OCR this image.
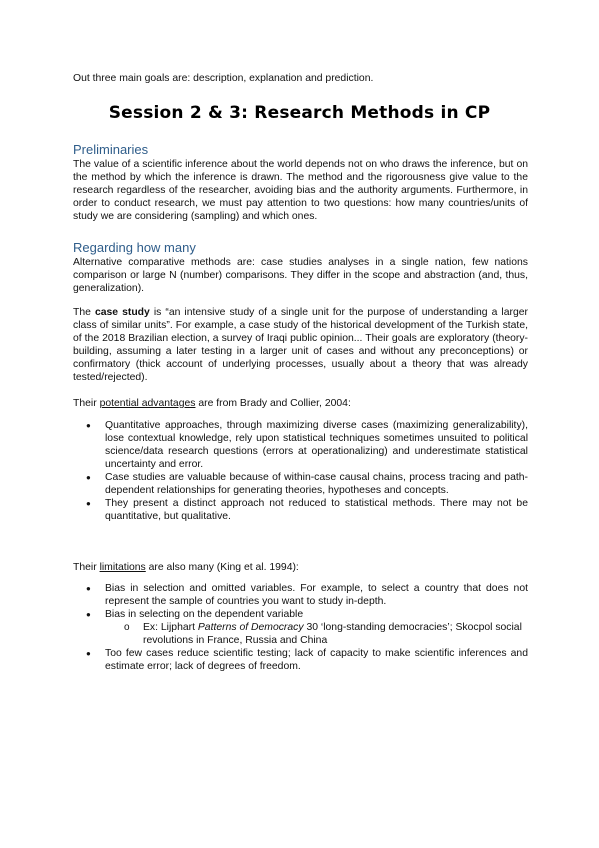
Out three main goals are: description, explanation and prediction.

Session 2 & 3: Research Methods in CP
Preliminaries

The value of a scientific inference about the world depends not on who draws the inference, but on the method by which the inference is drawn. The method and the rigorousness give value to the research regardless of the researcher, avoiding bias and the authority arguments. Furthermore, in order to conduct research, we must pay attention to two questions: how many countries/units of study we are considering (sampling) and which ones.

Regarding how many

Alternative comparative methods are: case studies analyses in a single nation, few nations comparison or large N (number) comparisons. They differ in the scope and abstraction (and, thus, generalization).

The case study is “an intensive study of a single unit for the purpose of understanding a larger class of similar units”. For example, a case study of the historical development of the Turkish state, of the 2018 Brazilian election, a survey of Iraqi public opinion... Their goals are exploratory (theory-building, assuming a later testing in a larger unit of cases and without any preconceptions) or confirmatory (thick account of underlying processes, usually about a theory that was already tested/rejected).

Their potential advantages are from Brady and Collier, 2004:

● Quantitative approaches, through maximizing diverse cases (maximizing generalizability), lose contextual knowledge, rely upon statistical techniques sometimes unsuited to political science/data research questions (errors at operationalizing) and underestimate statistical uncertainty and error.
● Case studies are valuable because of within-case causal chains, process tracing and path-dependent relationships for generating theories, hypotheses and concepts.
● They present a distinct approach not reduced to statistical methods. There may not be quantitative, but qualitative.

Their limitations are also many (King et al. 1994):

● Bias in selection and omitted variables. For example, to select a country that does not represent the sample of countries you want to study in-depth.
● Bias in selecting on the dependent variable
o Ex: Lijphart Patterns of Democracy 30 ‘long-standing democracies’; Skocpol social revolutions in France, Russia and China
● Too few cases reduce scientific testing; lack of capacity to make scientific inferences and estimate error; lack of degrees of freedom.
